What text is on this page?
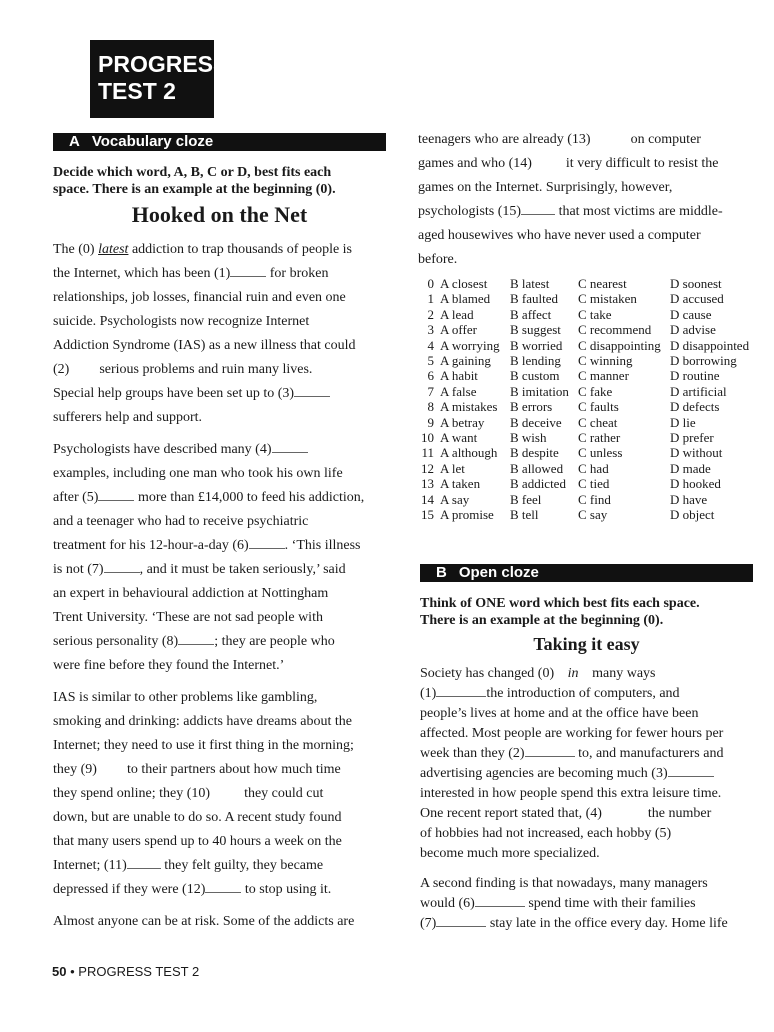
PROGRESS
TEST 2
A Vocabulary cloze
Decide which word, A, B, C or D, best fits each
space. There is an example at the beginning (0).
Hooked on the Net
The (0) latest addiction to trap thousands of people is
the Internet, which has been (1)	for broken
relationships, job losses, financial ruin and even one
suicide. Psychologists now recognize Internet
Addiction Syndrome (IAS) as a new illness that could
(2) serious problems and ruin many lives.
Special help groups have been set up to (3)
sufferers help and support.
Psychologists have described many (4)
examples, including one man who took his own life
after (5)	more than £14,000 to feed his addiction,
and a teenager who had to receive psychiatric
treatment for his 12-hour-a-day (6)	. ‘This illness
is not (7)	, and it must be taken seriously,’ said
an expert in behavioural addiction at Nottingham
Trent University. ‘These are not sad people with
serious personality (8)	; they are people who
were fine before they found the Internet.’
IAS is similar to other problems like gambling,
smoking and drinking: addicts have dreams about the
Internet; they need to use it first thing in the morning;
they (9) to their partners about how much time
they spend online; they (10) they could cut
down, but are unable to do so. A recent study found
that many users spend up to 40 hours a week on the
Internet; (11) they felt guilty, they became
depressed if they were (12)	to stop using it.
Almost anyone can be at risk. Some of the addicts are
teenagers who are already (13)	on computer
games and who (14) it very difficult to resist the
games on the Internet. Surprisingly, however,
psychologists (15) that most victims are middle-
aged housewives who have never used a computer
before.
0	A closest	B latest	C nearest	D soonest
1	A blamed	B faulted	C mistaken	D accused
2	A lead	B affect	C take	D cause
3	A offer	B suggest	C recommend	D advise
4	A worrying	B worried	C disappointing	D disappointed
5	A gaining	B lending	C winning	D borrowing
6	A habit	B custom	C manner	D routine
7	A false	B imitation	C fake	D artificial
8	A mistakes	B errors	C faults	D defects
9	A betray	B deceive	C cheat	D lie
10	A want	B wish	C rather	D prefer
11	A although	B despite	C unless	D without
12	A let	B allowed	C had	D made
13	A taken	B addicted	C tied	D hooked
14	A say	B feel	C find	D have
15	A promise	B tell	C say	D object
B Open cloze
Think of ONE word which best fits each space.
There is an example at the beginning (0).
Taking it easy
Society has changed (0) in many ways
(1)	the introduction of computers, and
people’s lives at home and at the office have been
affected. Most people are working for fewer hours per
week than they (2)	to, and manufacturers and
advertising agencies are becoming much (3)
interested in how people spend this extra leisure time.
One recent report stated that, (4)	the number
of hobbies had not increased, each hobby (5)
become much more specialized.
A second finding is that nowadays, many managers
would (6)	spend time with their families
(7)	stay late in the office every day. Home life
50 • PROGRESS TEST 2
